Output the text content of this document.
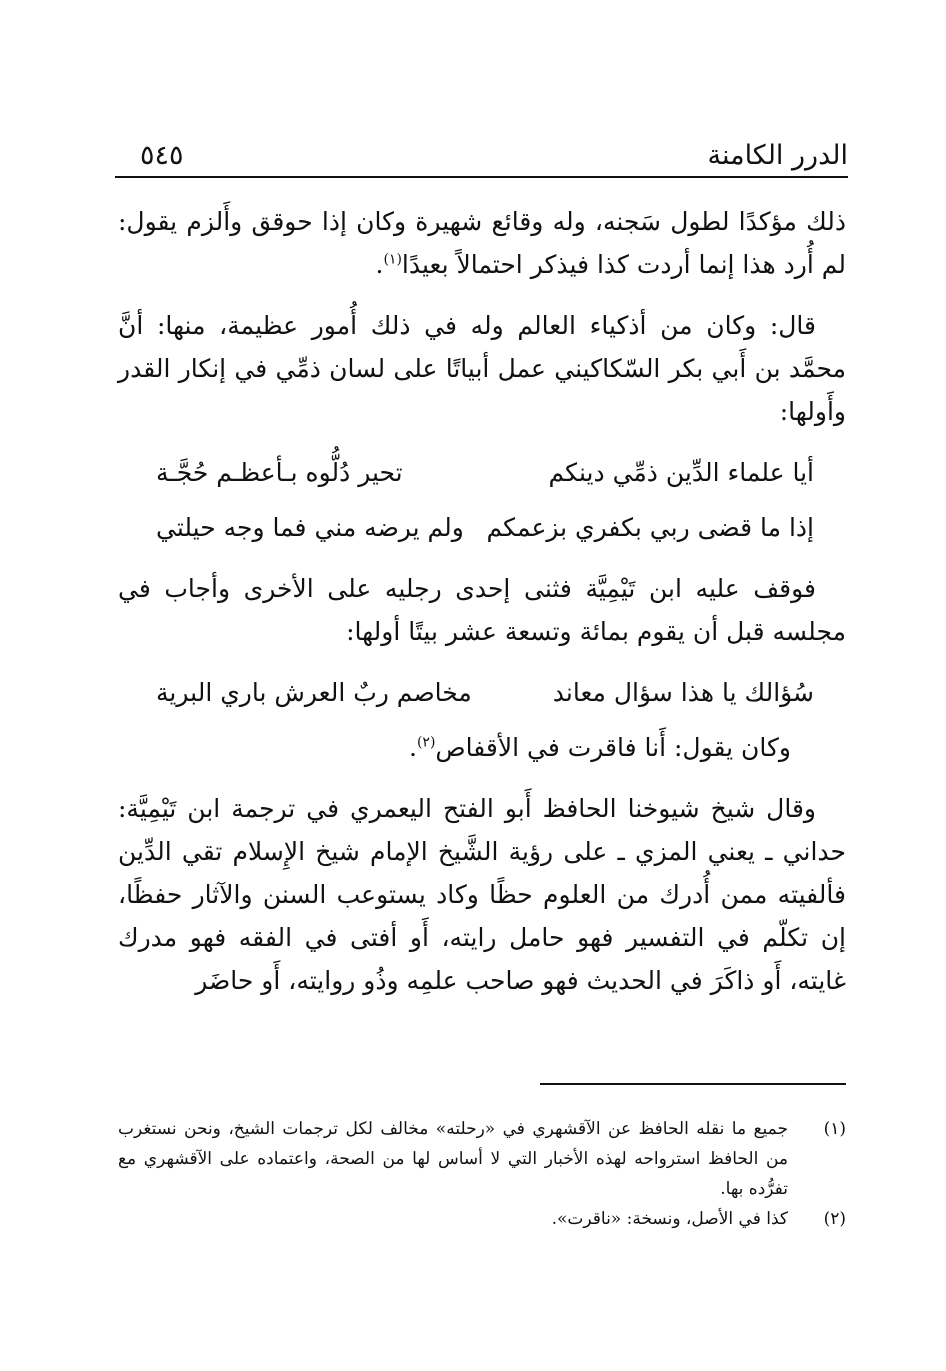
الدرر الكامنة
٥٤٥

ذلك مؤكدًا لطول سَجنه، وله وقائع شهيرة وكان إذا حوقق وأَلزم يقول: لم أُرد هذا إنما أردت كذا فيذكر احتمالاً بعيدًا$^{(١)}$.

قال: وكان من أذكياء العالم وله في ذلك أُمور عظيمة، منها: أنَّ محمَّد بن أَبي بكر السّكاكيني عمل أبياتًا على لسان ذمِّي في إنكار القدر وأَولها:

أيا علماء الدِّين ذمِّي دينكم
تحير دُلُّوه بـأعظـم حُجَّـة
إذا ما قضى ربي بكفري بزعمكم
ولم يرضه مني فما وجه حيلتي

فوقف عليه ابن تَيْمِيَّة فثنى إحدى رجليه على الأخرى وأجاب في مجلسه قبل أن يقوم بمائة وتسعة عشر بيتًا أولها:

سُؤالك يا هذا سؤال معاند
مخاصم ربٌ العرش باري البرية
وكان يقول: أَنا فاقرت في الأقفاص$^{(٢)}$.

وقال شيخ شيوخنا الحافظ أَبو الفتح اليعمري في ترجمة ابن تَيْمِيَّة: حداني ـ يعني المزي ـ على رؤية الشَّيخ الإمام شيخ الإِسلام تقي الدِّين فألفيته ممن أُدرك من العلوم حظًا وكاد يستوعب السنن والآثار حفظًا، إن تكلّم في التفسير فهو حامل رايته، أَو أفتى في الفقه فهو مدرك غايته، أَو ذاكَرَ في الحديث فهو صاحب علمِه وذُو روايته، أَو حاضَر

(١)
جميع ما نقله الحافظ عن الآقشهري في «رحلته» مخالف لكل ترجمات الشيخ، ونحن نستغرب من الحافظ استرواحه لهذه الأخبار التي لا أساس لها من الصحة، واعتماده على الآقشهري مع تفرُّده بها.
(٢)
كذا في الأصل، ونسخة: «ناقرت».
